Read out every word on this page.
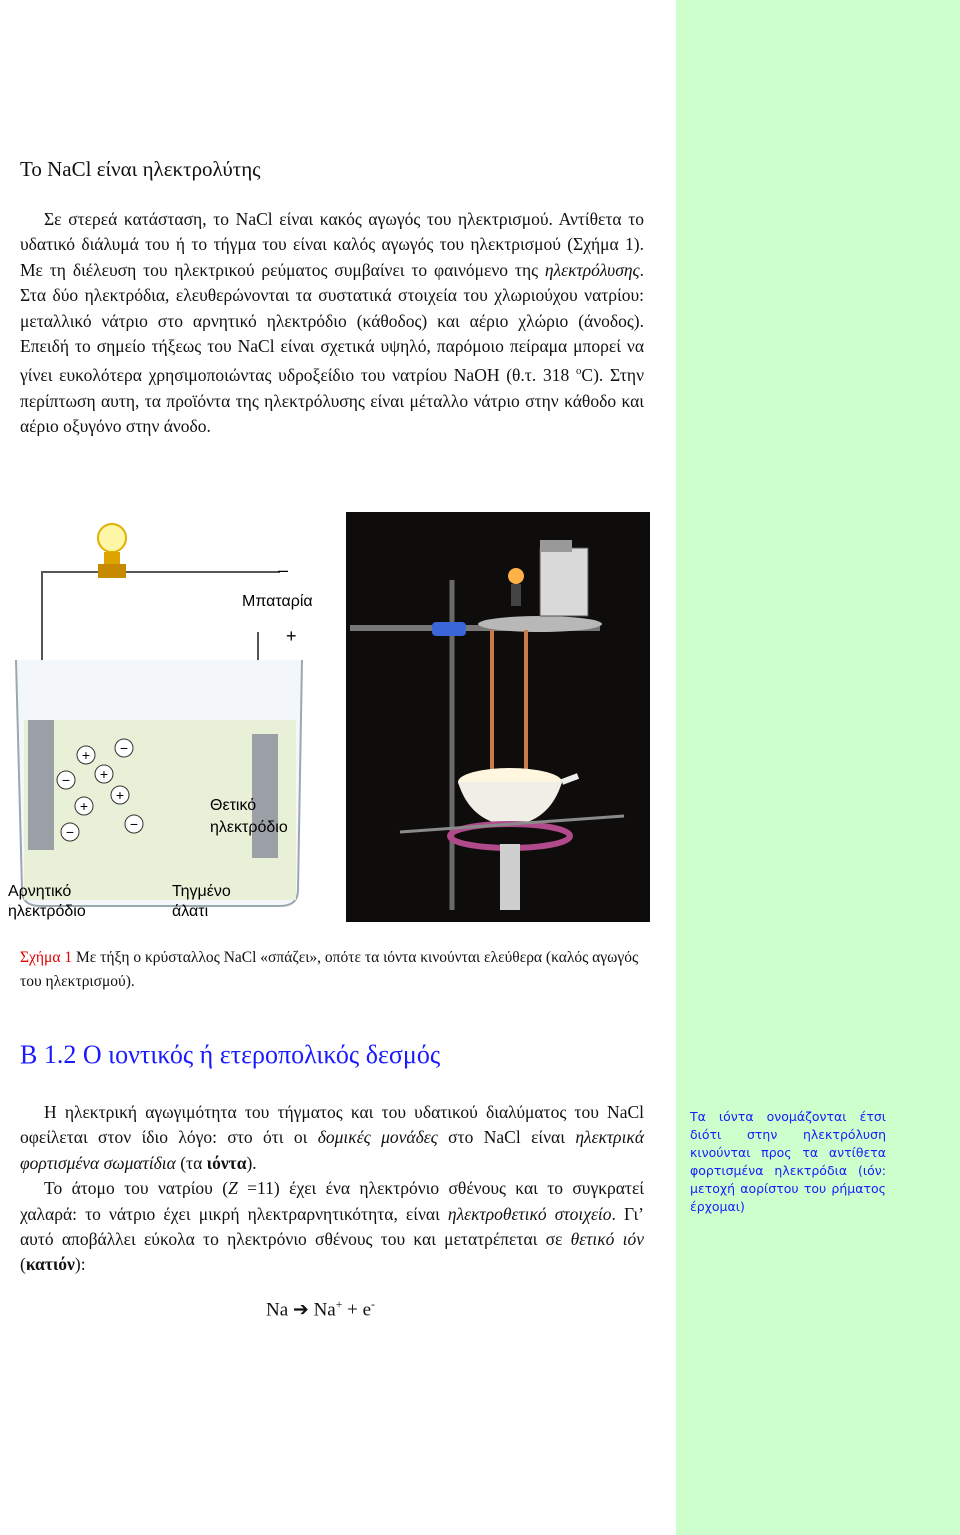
Το NaCl είναι ηλεκτρολύτης

Σε στερεά κατάσταση, το NaCl είναι κακός αγωγός του ηλεκτρισμού. Αντίθετα το υδατικό διάλυμά του ή το τήγμα του είναι καλός αγωγός του ηλεκτρισμού (Σχήμα 1). Με τη διέλευση του ηλεκτρικού ρεύματος συμβαίνει το φαινόμενο της ηλεκτρόλυσης. Στα δύο ηλεκτρόδια, ελευθερώνονται τα συστατικά στοιχεία του χλωριούχου νατρίου: μεταλλικό νάτριο στο αρνητικό ηλεκτρόδιο (κάθοδος) και αέριο χλώριο (άνοδος). Επειδή το σημείο τήξεως του NaCl είναι σχετικά υψηλό, παρόμοιο πείραμα μπορεί να γίνει ευκολότερα χρησιμοποιώντας υδροξείδιο του νατρίου NaOH (θ.τ. 318 $^o$C). Στην περίπτωση αυτη, τα προϊόντα της ηλεκτρόλυσης είναι μέταλλο νάτριο στην κάθοδο και αέριο οξυγόνο στην άνοδο.

+ −
− +
+
+
−
−
–
Μπαταρία
+
Θετικό
ηλεκτρόδιο
Αρνητικό
ηλεκτρόδιο
Τηγμένο
άλατι
Σχήμα 1 Με τήξη ο κρύσταλλος NaCl «σπάζει», οπότε τα ιόντα κινούνται ελεύθερα (καλός αγωγός του ηλεκτρισμού).
Β 1.2 Ο ιοντικός ή ετεροπολικός δεσμός

Η ηλεκτρική αγωγιμότητα του τήγματος και του υδατικού διαλύματος του NaCl οφείλεται στον ίδιο λόγο: στο ότι οι δομικές μονάδες στο NaCl είναι ηλεκτρικά φορτισμένα σωματίδια (τα ιόντα).

Το άτομο του νατρίου (Z =11) έχει ένα ηλεκτρόνιο σθένους και το συγκρατεί χαλαρά: το νάτριο έχει μικρή ηλεκτραρνητικότητα, είναι ηλεκτροθετικό στοιχείο. Γι’ αυτό αποβάλλει εύκολα το ηλεκτρόνιο σθένους του και μετατρέπεται σε θετικό ιόν (κατιόν):

Na ➔ Na+ + e-
Τα ιόντα ονομάζονται έτσι διότι στην ηλεκτρόλυση κινούνται προς τα αντίθετα φορτισμένα ηλεκτρόδια (ιόν: μετοχή αορίστου του ρήματος έρχομαι)
